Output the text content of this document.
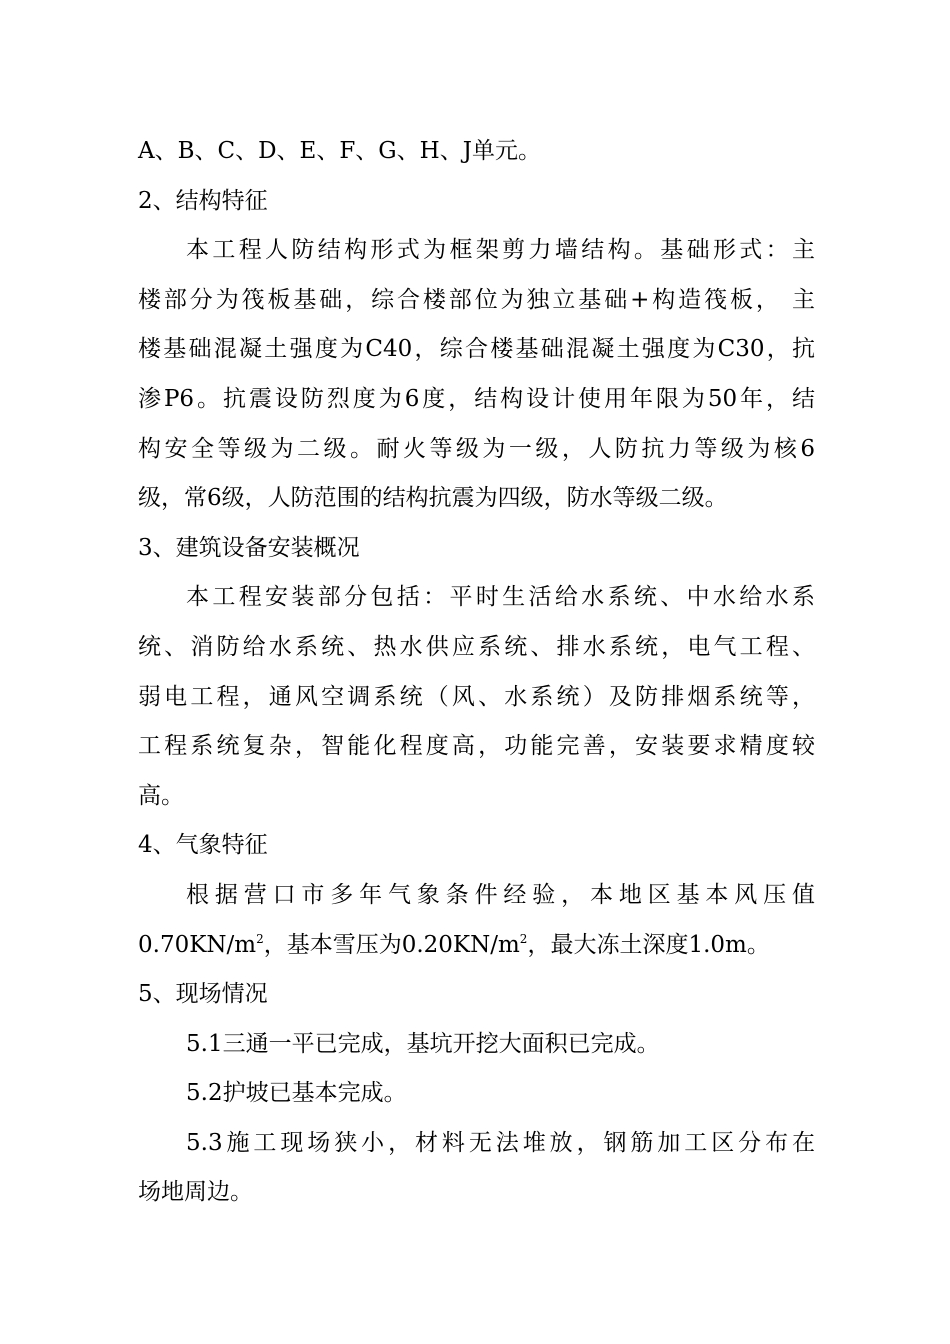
A、B、C、D、E、F、G、H、J单元。

2、结构特征

本工程人防结构形式为框架剪力墙结构。基础形式：主

楼部分为筏板基础，综合楼部位为独立基础+构造筏板， 主

楼基础混凝土强度为C40，综合楼基础混凝土强度为C30，抗

渗P6。抗震设防烈度为6度，结构设计使用年限为50年，结

构安全等级为二级。耐火等级为一级，人防抗力等级为核6

级，常6级，人防范围的结构抗震为四级，防水等级二级。

3、建筑设备安装概况

本工程安装部分包括：平时生活给水系统、中水给水系

统、消防给水系统、热水供应系统、排水系统，电气工程、

弱电工程，通风空调系统（风、水系统）及防排烟系统等，

工程系统复杂，智能化程度高，功能完善，安装要求精度较

高。

4、气象特征

根据营口市多年气象条件经验，本地区基本风压值

$0.70KN/m^2$，基本雪压为$0.20KN/m^2$，最大冻土深度1.0m。

5、现场情况

5.1三通一平已完成，基坑开挖大面积已完成。

5.2护坡已基本完成。

5.3施工现场狭小，材料无法堆放，钢筋加工区分布在

场地周边。
